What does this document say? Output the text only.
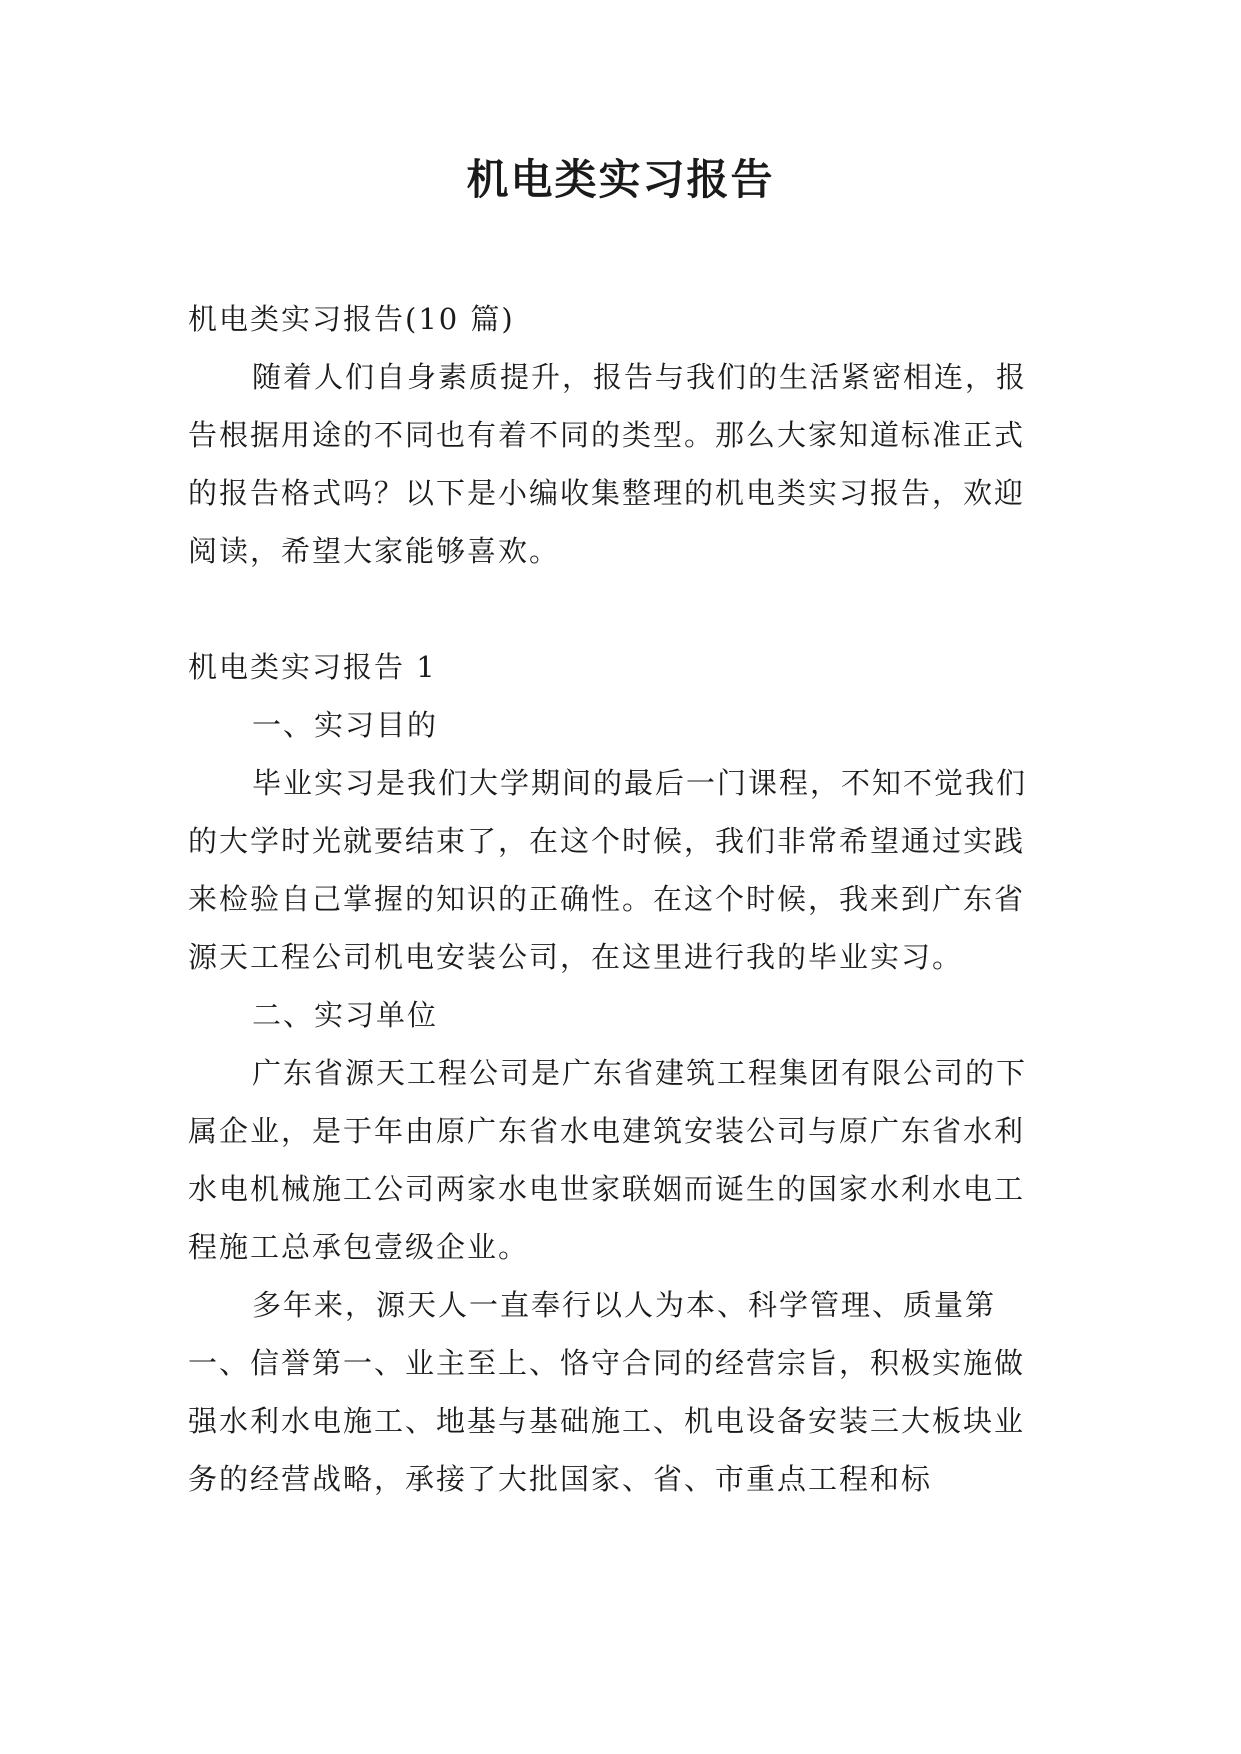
机电类实习报告

机电类实习报告(10 篇)

随着人们自身素质提升，报告与我们的生活紧密相连，报告根据用途的不同也有着不同的类型。那么大家知道标准正式的报告格式吗？以下是小编收集整理的机电类实习报告，欢迎阅读，希望大家能够喜欢。

机电类实习报告 1

一、实习目的

毕业实习是我们大学期间的最后一门课程，不知不觉我们的大学时光就要结束了，在这个时候，我们非常希望通过实践来检验自己掌握的知识的正确性。在这个时候，我来到广东省源天工程公司机电安装公司，在这里进行我的毕业实习。

二、实习单位

广东省源天工程公司是广东省建筑工程集团有限公司的下属企业，是于年由原广东省水电建筑安装公司与原广东省水利水电机械施工公司两家水电世家联姻而诞生的国家水利水电工程施工总承包壹级企业。

多年来，源天人一直奉行以人为本、科学管理、质量第一、信誉第一、业主至上、恪守合同的经营宗旨，积极实施做强水利水电施工、地基与基础施工、机电设备安装三大板块业务的经营战略，承接了大批国家、省、市重点工程和标
